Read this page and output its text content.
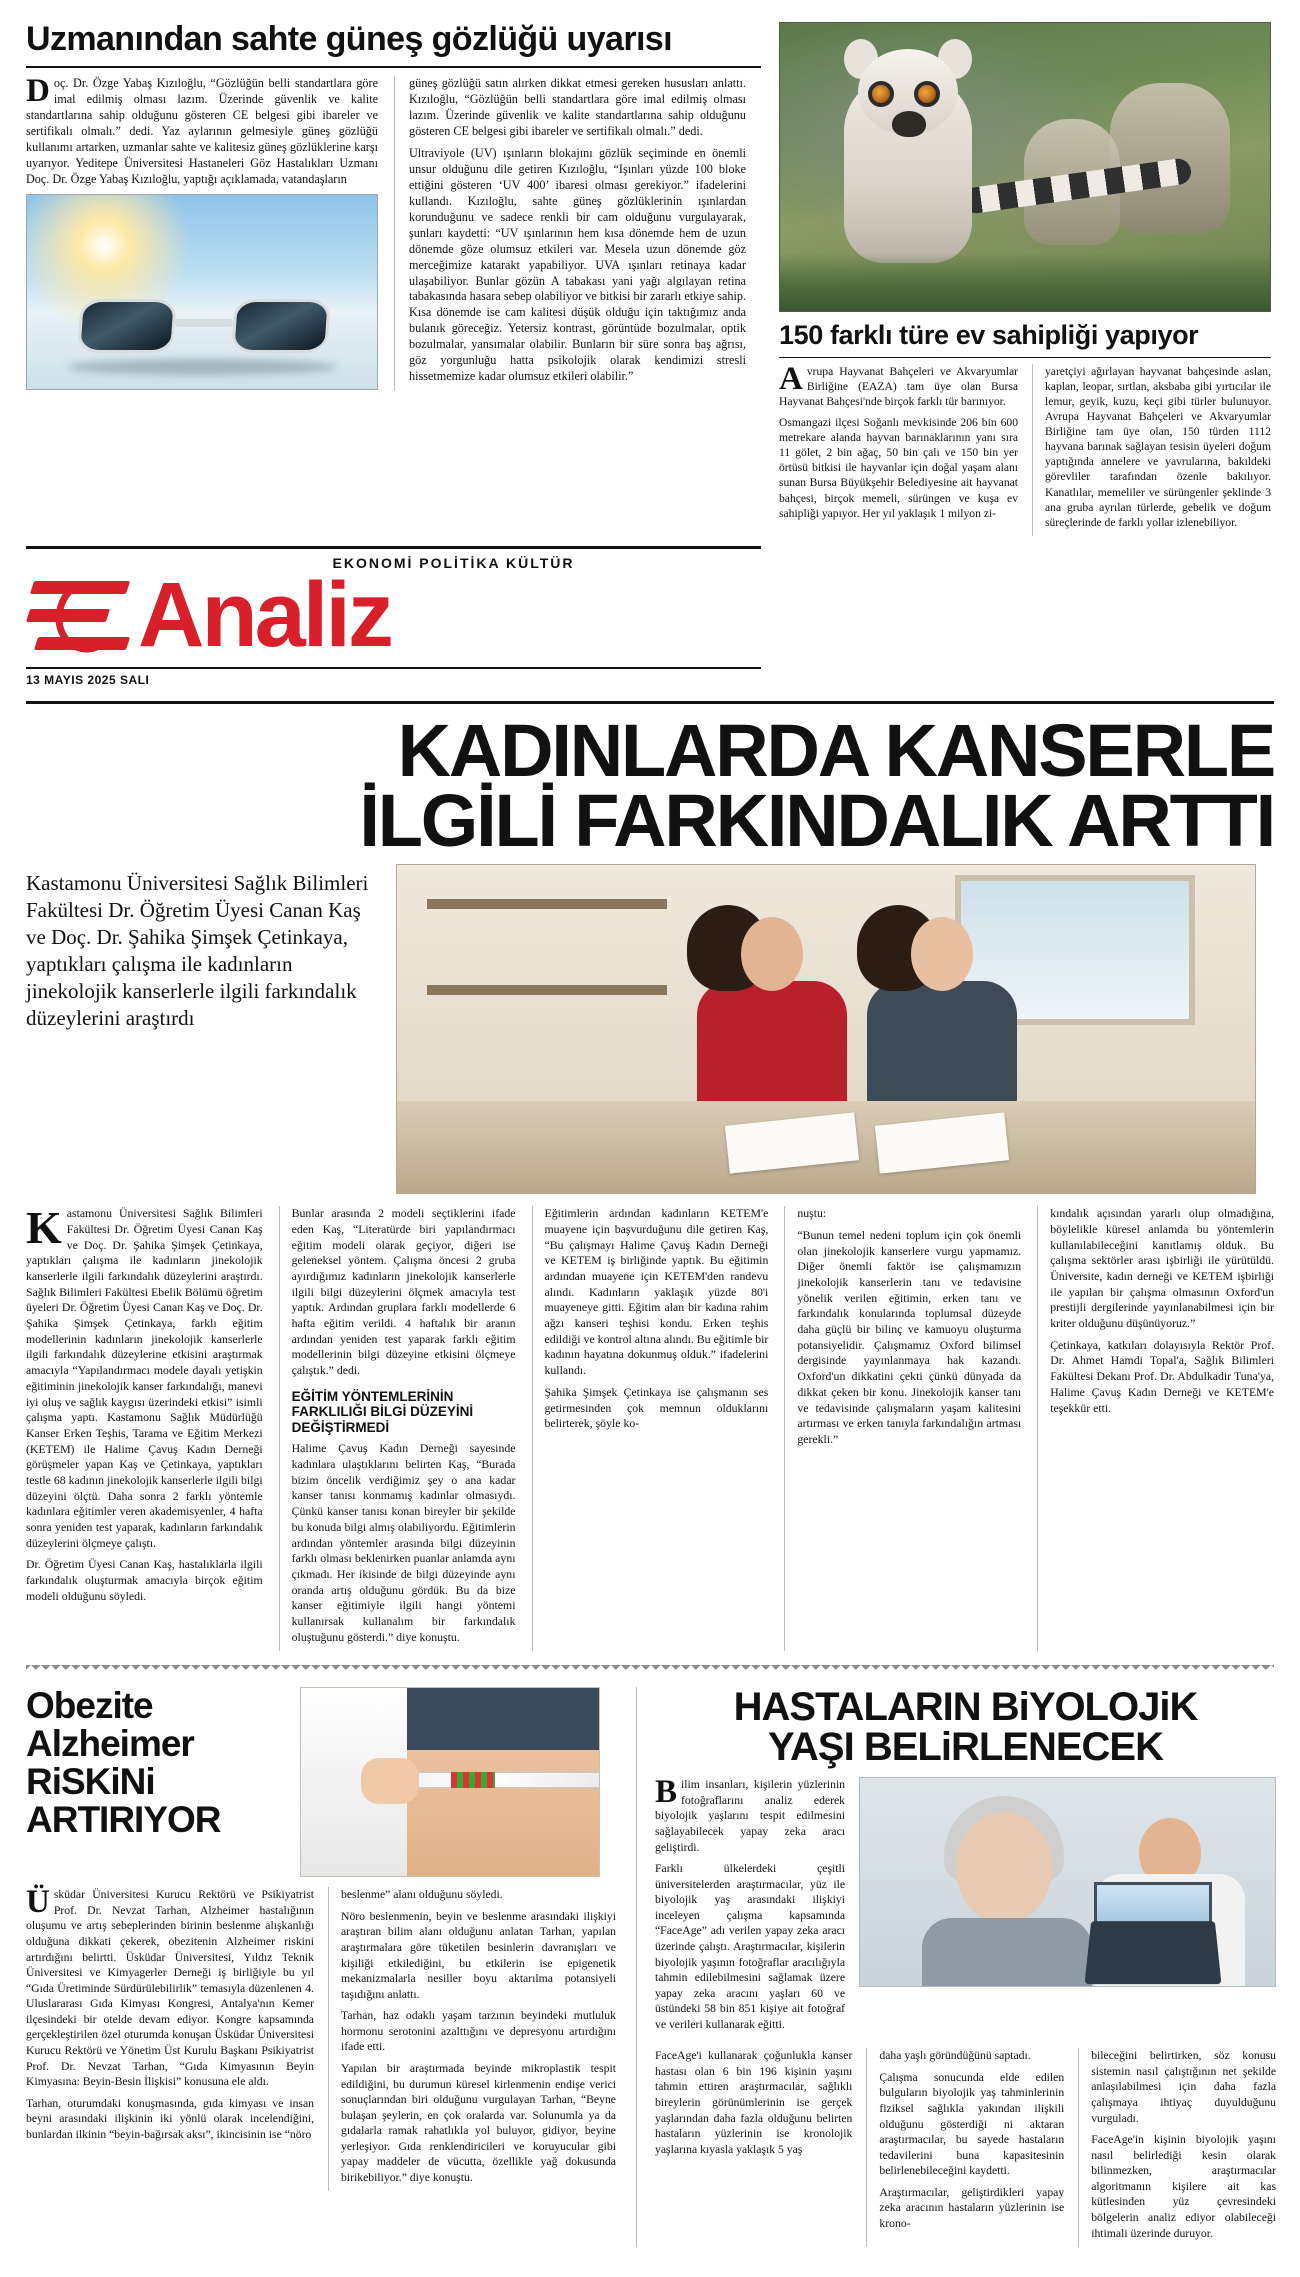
Uzmanından sahte güneş gözlüğü uyarısı

Doç. Dr. Özge Yabaş Kızıloğlu, “Gözlüğün belli standartlara göre imal edilmiş olması lazım. Üzerinde güvenlik ve kalite standartlarına sahip olduğunu gösteren CE belgesi gibi ibareler ve sertifikalı olmalı.” dedi. Yaz aylarının gelmesiyle güneş gözlüğü kullanımı artarken, uzmanlar sahte ve kalitesiz güneş gözlüklerine karşı uyarıyor. Yeditepe Üniversitesi Hastaneleri Göz Hastalıkları Uzmanı Doç. Dr. Özge Yabaş Kızıloğlu, yaptığı açıklamada, vatandaşların

güneş gözlüğü satın alırken dikkat etmesi gereken hususları anlattı. Kızıloğlu, “Gözlüğün belli standartlara göre imal edilmiş olması lazım. Üzerinde güvenlik ve kalite standartlarına sahip olduğunu gösteren CE belgesi gibi ibareler ve sertifikalı olmalı.” dedi.

Ultraviyole (UV) ışınların blokajını gözlük seçiminde en önemli unsur olduğunu dile getiren Kızıloğlu, “Işınları yüzde 100 bloke ettiğini gösteren ‘UV 400’ ibaresi olması gerekiyor.” ifadelerini kullandı. Kızıloğlu, sahte güneş gözlüklerinin ışınlardan korunduğunu ve sadece renkli bir cam olduğunu vurgulayarak, şunları kaydetti: “UV ışınlarının hem kısa dönemde hem de uzun dönemde göze olumsuz etkileri var. Mesela uzun dönemde göz merceğimize katarakt yapabiliyor. UVA ışınları retinaya kadar ulaşabiliyor. Bunlar gözün A tabakası yani yağı algılayan retina tabakasında hasara sebep olabiliyor ve bitkisi bir zararlı etkiye sahip. Kısa dönemde ise cam kalitesi düşük olduğu için taktığımız anda bulanık göreceğiz. Yetersiz kontrast, görüntüde bozulmalar, optik bozulmalar, yansımalar olabilir. Bunların bir süre sonra baş ağrısı, göz yorgunluğu hatta psikolojik olarak kendimizi stresli hissetmemize kadar olumsuz etkileri olabilir.”

150 farklı türe ev sahipliği yapıyor

Avrupa Hayvanat Bahçeleri ve Akvaryumlar Birliğine (EAZA) tam üye olan Bursa Hayvanat Bahçesi'nde birçok farklı tür barınıyor.

Osmangazi ilçesi Soğanlı mevkisinde 206 bin 600 metrekare alanda hayvan barınaklarının yanı sıra 11 gölet, 2 bin ağaç, 50 bin çalı ve 150 bin yer örtüsü bitkisi ile hayvanlar için doğal yaşam alanı sunan Bursa Büyükşehir Belediyesine ait hayvanat bahçesi, birçok memeli, sürüngen ve kuşa ev sahipliği yapıyor. Her yıl yaklaşık 1 milyon zi-

yaretçiyi ağırlayan hayvanat bahçesinde aslan, kaplan, leopar, sırtlan, aksbaba gibi yırtıcılar ile lemur, geyik, kuzu, keçi gibi türler bulunuyor. Avrupa Hayvanat Bahçeleri ve Akvaryumlar Birliğine tam üye olan, 150 türden 1112 hayvana barınak sağlayan tesisin üyeleri doğum yaptığında annelere ve yavrularına, bakıldeki görevliler tarafından özenle bakılıyor. Kanatlılar, memeliler ve sürüngenler şeklinde 3 ana gruba ayrılan türlerde, gebelik ve doğum süreçlerinde de farklı yollar izlenebiliyor.

EKONOMİ POLİTİKA KÜLTÜR
Analiz
13 MAYIS 2025 SALI
KADINLARDA KANSERLE
İLGİLİ FARKINDALIK ARTTI
Kastamonu Üniversitesi Sağlık Bilimleri Fakültesi Dr. Öğretim Üyesi Canan Kaş ve Doç. Dr. Şahika Şimşek Çetinkaya, yaptıkları çalışma ile kadınların jinekolojik kanserlerle ilgili farkındalık düzeylerini araştırdı

Kastamonu Üniversitesi Sağlık Bilimleri Fakültesi Dr. Öğretim Üyesi Canan Kaş ve Doç. Dr. Şahika Şimşek Çetinkaya, yaptıkları çalışma ile kadınların jinekolojik kanserlerle ilgili farkındalık düzeylerini araştırdı. Sağlık Bilimleri Fakültesi Ebelik Bölümü öğretim üyeleri Dr. Öğretim Üyesi Canan Kaş ve Doç. Dr. Şahika Şimşek Çetinkaya, farklı eğitim modellerinin kadınların jinekolojik kanserlerle ilgili farkındalık düzeylerine etkisini araştırmak amacıyla “Yapılandırmacı modele dayalı yetişkin eğitiminin jinekolojik kanser farkındalığı, manevi iyi oluş ve sağlık kaygısı üzerindeki etkisi” isimli çalışma yaptı. Kastamonu Sağlık Müdürlüğü Kanser Erken Teşhis, Tarama ve Eğitim Merkezi (KETEM) ile Halime Çavuş Kadın Derneği görüşmeler yapan Kaş ve Çetinkaya, yaptıkları testle 68 kadının jinekolojik kanserlerle ilgili bilgi düzeyini ölçtü. Daha sonra 2 farklı yöntemle kadınlara eğitimler veren akademisyenler, 4 hafta sonra yeniden test yaparak, kadınların farkındalık düzeylerini ölçmeye çalıştı.

Dr. Öğretim Üyesi Canan Kaş, hastalıklarla ilgili farkındalık oluşturmak amacıyla birçok eğitim modeli olduğunu söyledi.

Bunlar arasında 2 modeli seçtiklerini ifade eden Kaş, “Literatürde biri yapılandırmacı eğitim modeli olarak geçiyor, diğeri ise geleneksel yöntem. Çalışma öncesi 2 gruba ayırdığımız kadınların jinekolojik kanserlerle ilgili bilgi düzeylerini ölçmek amacıyla test yaptık. Ardından gruplara farklı modellerde 6 hafta eğitim verildi. 4 haftalık bir aranın ardından yeniden test yaparak farklı eğitim modellerinin bilgi düzeyine etkisini ölçmeye çalıştık.” dedi.

EĞİTİM YÖNTEMLERİNİN FARKLILIĞI BİLGİ DÜZEYİNİ DEĞİŞTİRMEDİ

Halime Çavuş Kadın Derneği sayesinde kadınlara ulaştıklarını belirten Kaş, “Burada bizim öncelik verdiğimiz şey o ana kadar kanser tanısı konmamış kadınlar olmasıydı. Çünkü kanser tanısı konan bireyler bir şekilde bu konuda bilgi almış olabiliyordu. Eğitimlerin ardından yöntemler arasında bilgi düzeyinin farklı olması beklenirken puanlar anlamda aynı çıkmadı. Her ikisinde de bilgi düzeyinde aynı oranda artış olduğunu gördük. Bu da bize kanser eğitimiyle ilgili hangi yöntemi kullanırsak kullanalım bir farkındalık oluştuğunu gösterdi.” diye konuştu.

Eğitimlerin ardından kadınların KETEM'e muayene için başvurduğunu dile getiren Kaş, “Bu çalışmayı Halime Çavuş Kadın Derneği ve KETEM iş birliğinde yaptık. Bu eğitimin ardından muayene için KETEM'den randevu alındı. Kadınların yaklaşık yüzde 80'i muayeneye gitti. Eğitim alan bir kadına rahim ağzı kanseri teşhisi kondu. Erken teşhis edildiği ve kontrol altına alındı. Bu eğitimle bir kadının hayatına dokunmuş olduk.” ifadelerini kullandı.

Şahika Şimşek Çetinkaya ise çalışmanın ses getirmesinden çok memnun olduklarını belirterek, şöyle ko-

nuştu:

“Bunun temel nedeni toplum için çok önemli olan jinekolojik kanserlere vurgu yapmamız. Diğer önemli faktör ise çalışmamızın jinekolojik kanserlerin tanı ve tedavisine yönelik verilen eğitimin, erken tanı ve farkındalık konularında toplumsal düzeyde daha güçlü bir bilinç ve kamuoyu oluşturma potansiyelidir. Çalışmamız Oxford bilimsel dergisinde yayınlanmaya hak kazandı. Oxford'un dikkatini çekti çünkü dünyada da dikkat çeken bir konu. Jinekolojik kanser tanı ve tedavisinde çalışmaların yaşam kalitesini artırması ve erken tanıyla farkındalığın artması gerekli.”

kındalık açısından yararlı olup olmadığına, böylelikle küresel anlamda bu yöntemlerin kullanılabileceğini kanıtlamış olduk. Bu çalışma sektörler arası işbirliği ile yürütüldü. Üniversite, kadın derneği ve KETEM işbirliği ile yapılan bir çalışma olmasının Oxford'un prestijli dergilerinde yayınlanabilmesi için bir kriter olduğunu düşünüyoruz.”

Çetinkaya, katkıları dolayısıyla Rektör Prof. Dr. Ahmet Hamdi Topal'a, Sağlık Bilimleri Fakültesi Dekanı Prof. Dr. Abdulkadir Tuna'ya, Halime Çavuş Kadın Derneği ve KETEM'e teşekkür etti.

Obezite
Alzheimer
RiSKiNi
ARTIRIYOR

Üsküdar Üniversitesi Kurucu Rektörü ve Psikiyatrist Prof. Dr. Nevzat Tarhan, Alzheimer hastalığının oluşumu ve artış sebeplerinden birinin beslenme alışkanlığı olduğuna dikkati çekerek, obezitenin Alzheimer riskini artırdığını belirtti. Üsküdar Üniversitesi, Yıldız Teknik Üniversitesi ve Kimyagerler Derneği iş birliğiyle bu yıl “Gıda Üretiminde Sürdürülebilirlik” temasıyla düzenlenen 4. Uluslararası Gıda Kimyası Kongresi, Antalya'nın Kemer ilçesindeki bir otelde devam ediyor. Kongre kapsamında gerçekleştirilen özel oturumda konuşan Üsküdar Üniversitesi Kurucu Rektörü ve Yönetim Üst Kurulu Başkanı Psikiyatrist Prof. Dr. Nevzat Tarhan, “Gıda Kimyasının Beyin Kimyasına: Beyin-Besin İlişkisi” konusuna ele aldı.

Tarhan, oturumdaki konuşmasında, gıda kimyası ve insan beyni arasındaki ilişkinin iki yönlü olarak incelendiğini, bunlardan ilkinin “beyin-bağırsak aksı”, ikincisinin ise “nöro

beslenme” alanı olduğunu söyledi.

Nöro beslenmenin, beyin ve beslenme arasındaki ilişkiyi araştıran bilim alanı olduğunu anlatan Tarhan, yapılan araştırmalara göre tüketilen besinlerin davranışları ve kişiliği etkilediğini, bu etkilerin ise epigenetik mekanizmalarla nesiller boyu aktarılma potansiyeli taşıdığını anlattı.

Tarhan, haz odaklı yaşam tarzının beyindeki mutluluk hormonu serotonini azalttığını ve depresyonu artırdığını ifade etti.

Yapılan bir araştırmada beyinde mikroplastik tespit edildiğini, bu durumun küresel kirlenmenin endişe verici sonuçlarından biri olduğunu vurgulayan Tarhan, “Beyne bulaşan şeylerin, en çok oralarda var. Solunumla ya da gıdalarla ramak rahatlıkla yol buluyor, gidiyor, beyine yerleşiyor. Gıda renklendiricileri ve koruyucular gibi yapay maddeler de vücutta, özellikle yağ dokusunda birikebiliyor.” diye konuştu.

HASTALARIN BiYOLOJiK
YAŞI BELiRLENECEK

Bilim insanları, kişilerin yüzlerinin fotoğraflarını analiz ederek biyolojik yaşlarını tespit edilmesini sağlayabilecek yapay zeka aracı geliştirdi.

Farklı ülkelerdeki çeşitli üniversitelerden araştırmacılar, yüz ile biyolojik yaş arasındaki ilişkiyi inceleyen çalışma kapsamında “FaceAge” adı verilen yapay zeka aracı üzerinde çalıştı. Araştırmacılar, kişilerin biyolojik yaşının fotoğraflar aracılığıyla tahmin edilebilmesini sağlamak üzere yapay zeka aracını yaşları 60 ve üstündeki 58 bin 851 kişiye ait fotoğraf ve verileri kullanarak eğitti.

FaceAge'i kullanarak çoğunlukla kanser hastası olan 6 bin 196 kişinin yaşını tahmin ettiren araştırmacılar, sağlıklı bireylerin görünümlerinin ise gerçek yaşlarından daha fazla olduğunu belirten hastaların yüzlerinin ise kronolojik yaşlarına kıyasla yaklaşık 5 yaş

daha yaşlı göründüğünü saptadı.

Çalışma sonucunda elde edilen bulguların biyolojik yaş tahminlerinin fiziksel sağlıkla yakından ilişkili olduğunu gösterdiği ni aktaran araştırmacılar, bu sayede hastaların tedavilerini buna kapasitesinin belirlenebileceğini kaydetti.

Araştırmacılar, geliştirdikleri yapay zeka aracının hastaların yüzlerinin ise krono-

bileceğini belirtirken, söz konusu sistemin nasıl çalıştığının net şekilde anlaşılabilmesi için daha fazla çalışmaya ihtiyaç duyulduğunu vurguladı.

FaceAge'in kişinin biyolojik yaşını nasıl belirlediği kesin olarak bilinmezken, araştırmacılar algoritmanın kişilere ait kas kütlesinden yüz çevresindeki bölgelerin analiz ediyor olabileceği ihtimali üzerinde duruyor.
